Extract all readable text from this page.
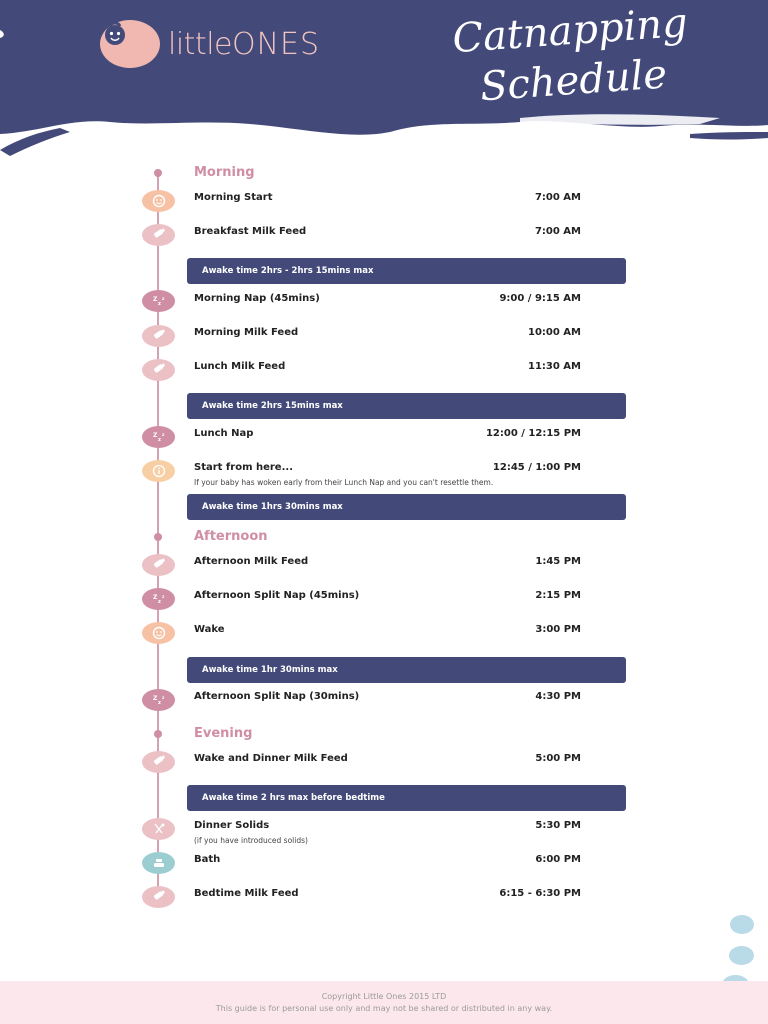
littleONES	Catnapping
Schedule
Morning
Morning Start	7:00 AM
Breakfast Milk Feed	7:00 AM
Awake time 2hrs - 2hrs 15mins max
Z
z
z	Morning Nap (45mins)	9:00 / 9:15 AM
Morning Milk Feed	10:00 AM
Lunch Milk Feed	11:30 AM
Awake time 2hrs 15mins max
Z
z
z	Lunch Nap	12:00 / 12:15 PM
Start from here...	12:45 / 1:00 PM
If your baby has woken early from their Lunch Nap and you can't resettle them.
Awake time 1hrs 30mins max
Afternoon
Afternoon Milk Feed	1:45 PM
Z
z
z	Afternoon Split Nap (45mins)	2:15 PM
Wake	3:00 PM
Awake time 1hr 30mins max
Z
z
z	Afternoon Split Nap (30mins)	4:30 PM
Evening
Wake and Dinner Milk Feed	5:00 PM
Awake time 2 hrs max before bedtime
Dinner Solids	5:30 PM
(if you have introduced solids)
Bath	6:00 PM
Bedtime Milk Feed	6:15 - 6:30 PM
Copyright Little Ones 2015 LTD
This guide is for personal use only and may not be shared or distributed in any way.
